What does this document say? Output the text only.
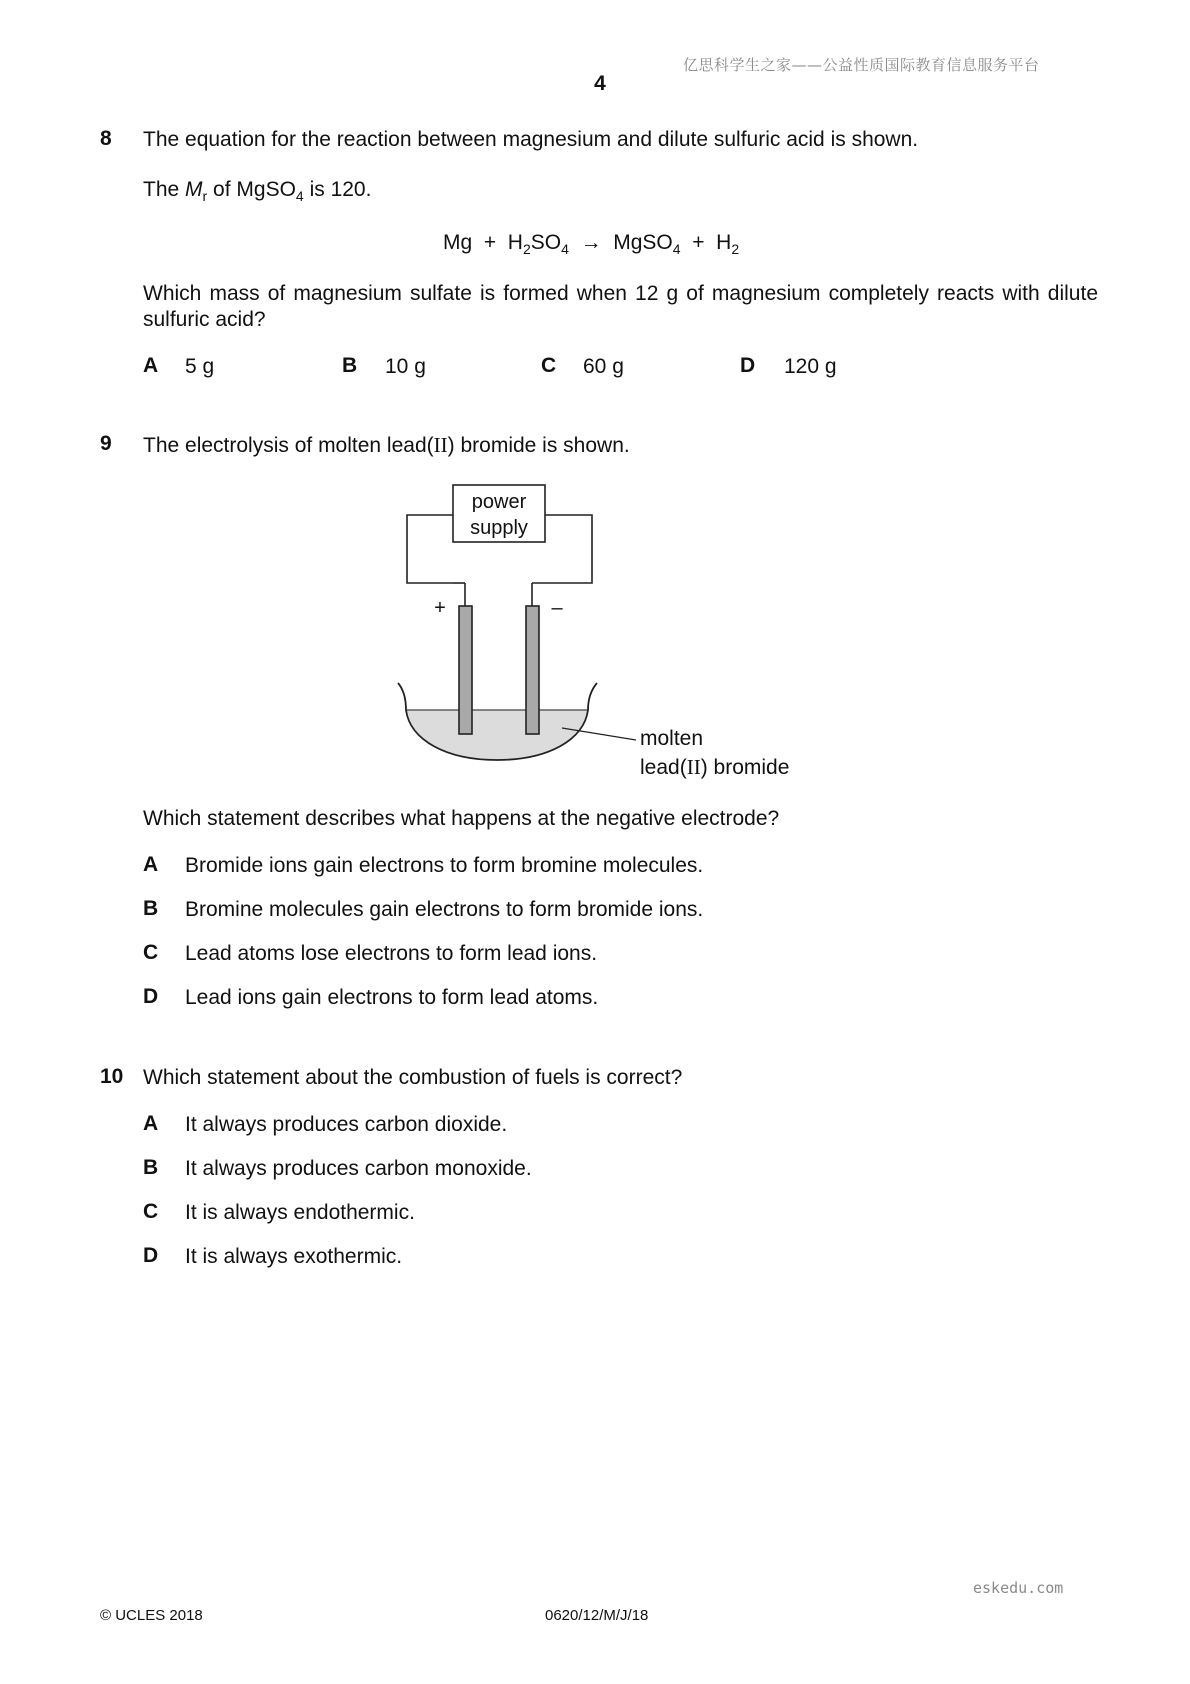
亿思科学生之家——公益性质国际教育信息服务平台
4
8 The equation for the reaction between magnesium and dilute sulfuric acid is shown.
The $M_r$ of MgSO$_4$ is 120.
$Mg + H_2SO_4$ → MgSO$_4$ + $H_2$
Which mass of magnesium sulfate is formed when 12 g of magnesium completely reacts with dilute sulfuric acid?
A 5 g	B 10 g	C 60 g	D 120 g
9 The electrolysis of molten lead(II) bromide is shown.
power
supply
+	–
molten
lead(II) bromide
Which statement describes what happens at the negative electrode?
A Bromide ions gain electrons to form bromine molecules.
B Bromine molecules gain electrons to form bromide ions.
C Lead atoms lose electrons to form lead ions.
D Lead ions gain electrons to form lead atoms.
10 Which statement about the combustion of fuels is correct?
A It always produces carbon dioxide.
B It always produces carbon monoxide.
C It is always endothermic.
D It is always exothermic.
eskedu.com
© UCLES 2018	0620/12/M/J/18
